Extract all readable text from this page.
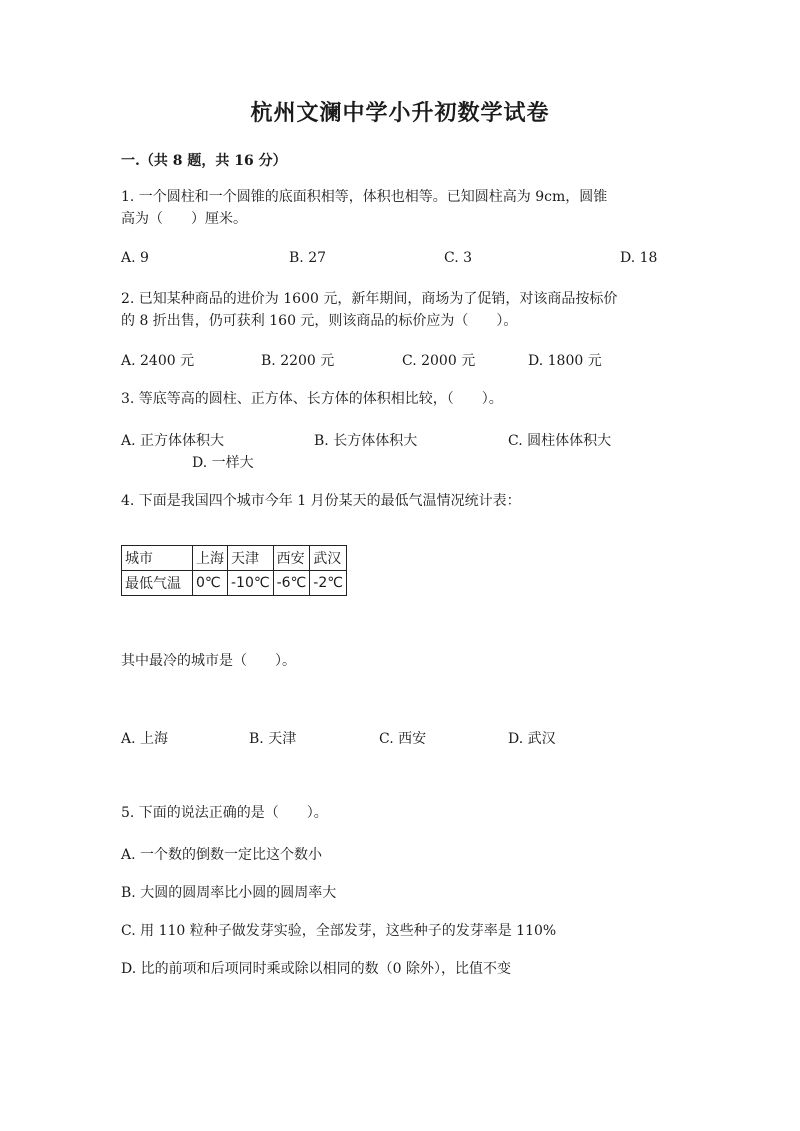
杭州文澜中学小升初数学试卷
一.（共 8 题，共 16 分）
1. 一个圆柱和一个圆锥的底面积相等，体积也相等。已知圆柱高为 9cm，圆锥
高为（　　）厘米。
A. 9	B. 27	C. 3	D. 18
2. 已知某种商品的进价为 1600 元，新年期间，商场为了促销，对该商品按标价
的 8 折出售，仍可获利 160 元，则该商品的标价应为（　　）。
A. 2400 元	B. 2200 元	C. 2000 元	D. 1800 元
3. 等底等高的圆柱、正方体、长方体的体积相比较，（　　）。
A. 正方体体积大	B. 长方体体积大	C. 圆柱体体积大
D. 一样大
4. 下面是我国四个城市今年 1 月份某天的最低气温情况统计表：
城市	上海	天津	西安	武汉
最低气温	0℃	-10℃	-6℃	-2℃
其中最冷的城市是（　　）。
A. 上海	B. 天津	C. 西安	D. 武汉
5. 下面的说法正确的是（　　）。
A. 一个数的倒数一定比这个数小
B. 大圆的圆周率比小圆的圆周率大
C. 用 110 粒种子做发芽实验，全部发芽，这些种子的发芽率是 110%
D. 比的前项和后项同时乘或除以相同的数（0 除外），比值不变
